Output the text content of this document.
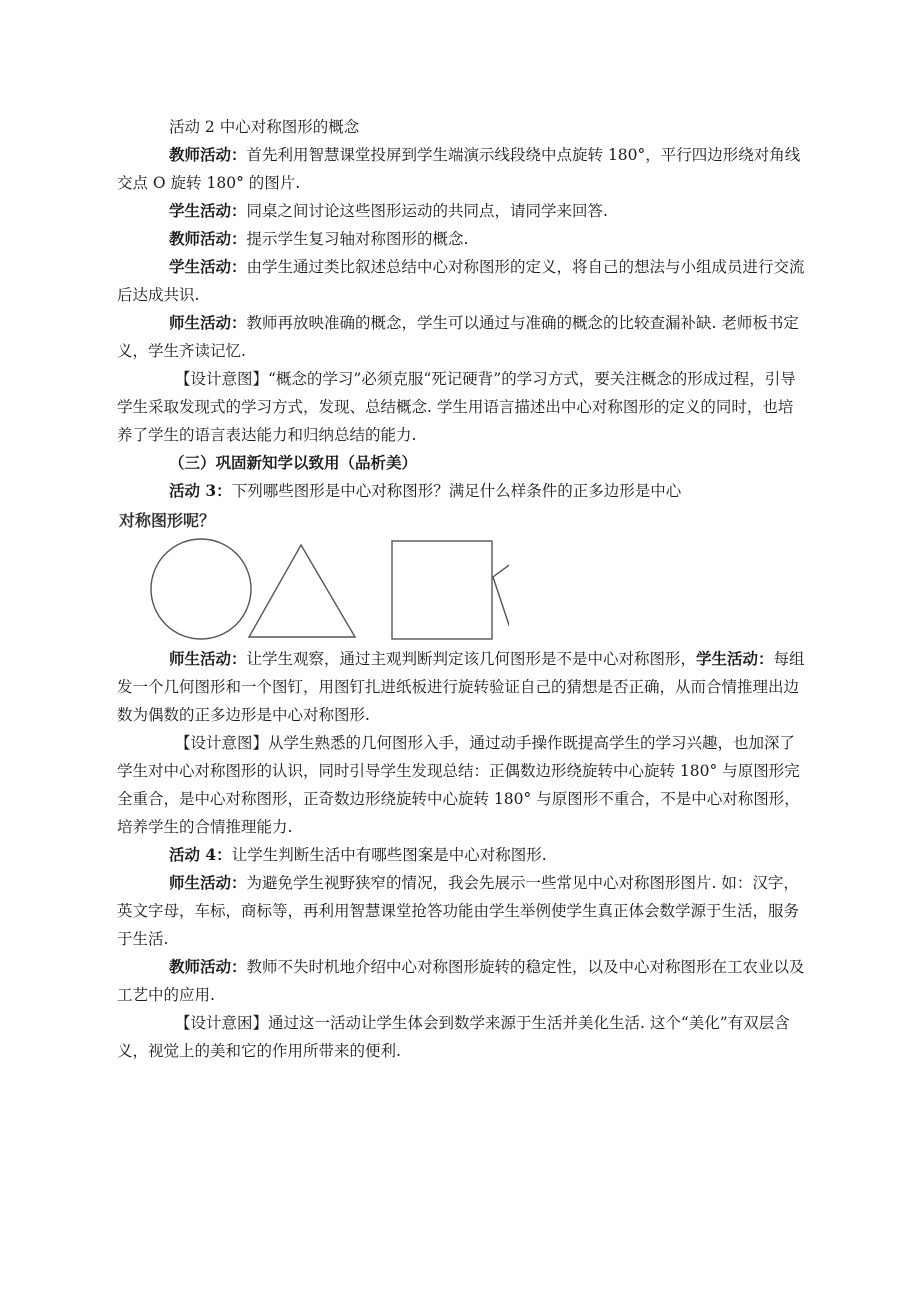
活动 2 中心对称图形的概念

教师活动：首先利用智慧课堂投屏到学生端演示线段绕中点旋转 180°，平行四边形绕对角线交点 O 旋转 180° 的图片.

学生活动：同桌之间讨论这些图形运动的共同点，请同学来回答.

教师活动：提示学生复习轴对称图形的概念.

学生活动：由学生通过类比叙述总结中心对称图形的定义，将自己的想法与小组成员进行交流后达成共识.

师生活动：教师再放映准确的概念，学生可以通过与准确的概念的比较查漏补缺. 老师板书定义，学生齐读记忆.

【设计意图】“概念的学习”必须克服“死记硬背”的学习方式，要关注概念的形成过程，引导学生采取发现式的学习方式，发现、总结概念. 学生用语言描述出中心对称图形的定义的同时，也培养了学生的语言表达能力和归纳总结的能力.

（三）巩固新知学以致用（品析美）

活动 3：下列哪些图形是中心对称图形？满足什么样条件的正多边形是中心

对称图形呢？

师生活动：让学生观察，通过主观判断判定该几何图形是不是中心对称图形，学生活动：每组发一个几何图形和一个图钉，用图钉扎进纸板进行旋转验证自己的猜想是否正确，从而合情推理出边数为偶数的正多边形是中心对称图形.

【设计意图】从学生熟悉的几何图形入手，通过动手操作既提高学生的学习兴趣，也加深了学生对中心对称图形的认识，同时引导学生发现总结：正偶数边形绕旋转中心旋转 180° 与原图形完全重合，是中心对称图形，正奇数边形绕旋转中心旋转 180° 与原图形不重合，不是中心对称图形，培养学生的合情推理能力.

活动 4：让学生判断生活中有哪些图案是中心对称图形.

师生活动：为避免学生视野狭窄的情况，我会先展示一些常见中心对称图形图片. 如：汉字，英文字母，车标，商标等，再利用智慧课堂抢答功能由学生举例使学生真正体会数学源于生活，服务于生活.

教师活动：教师不失时机地介绍中心对称图形旋转的稳定性，以及中心对称图形在工农业以及工艺中的应用.

【设计意困】通过这一活动让学生体会到数学来源于生活并美化生活. 这个“美化”有双层含义，视觉上的美和它的作用所带来的便利.
